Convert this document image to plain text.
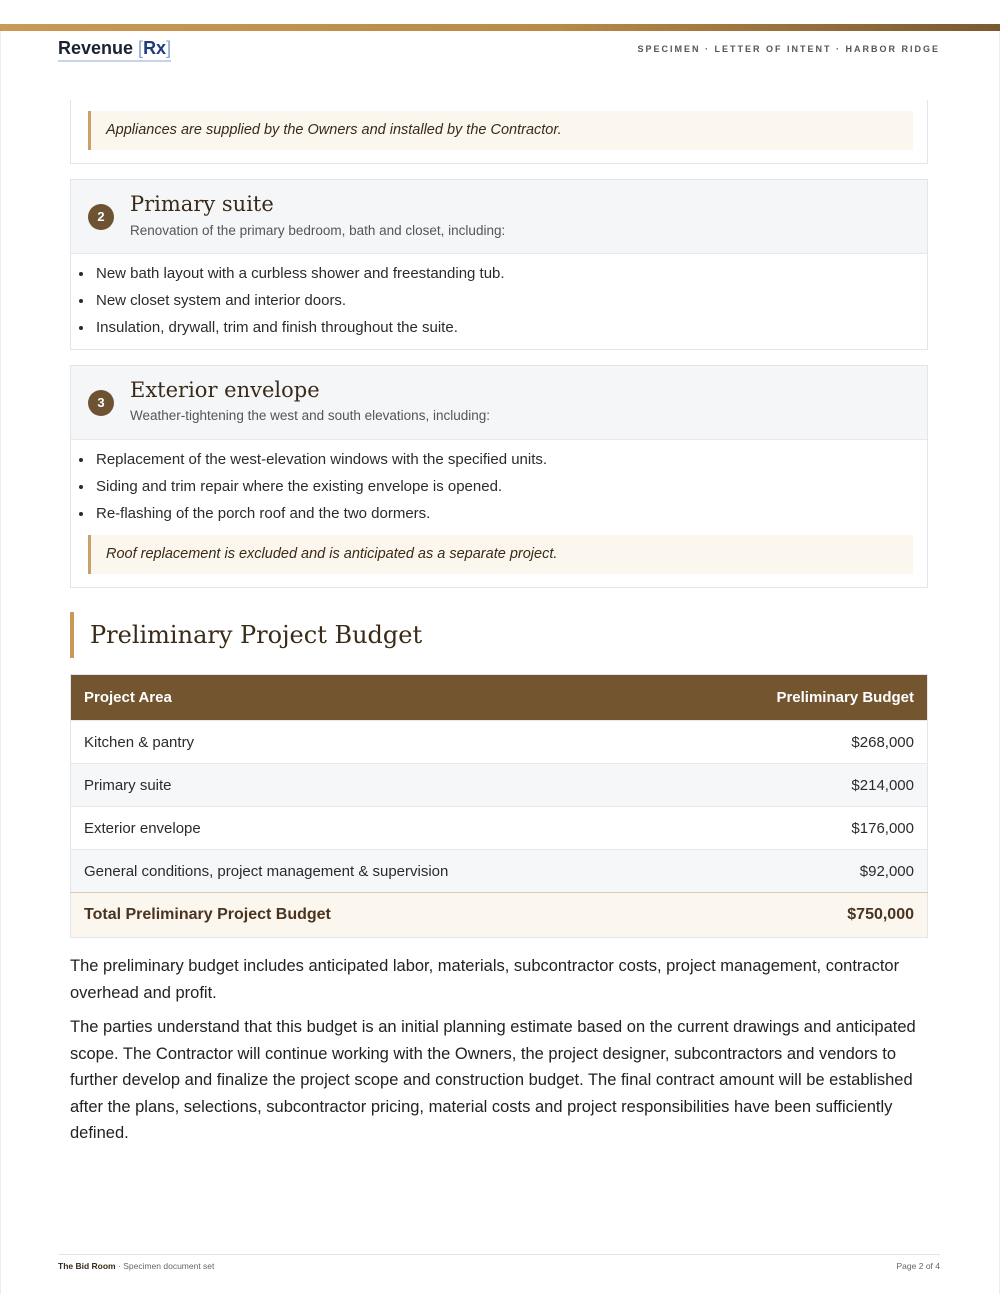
Revenue [Rx]	SPECIMEN · LETTER OF INTENT · HARBOR RIDGE
Appliances are supplied by the Owners and installed by the Contractor.
2
Primary suite
Renovation of the primary bedroom, bath and closet, including:
New bath layout with a curbless shower and freestanding tub.
New closet system and interior doors.
Insulation, drywall, trim and finish throughout the suite.
3
Exterior envelope
Weather-tightening the west and south elevations, including:
Replacement of the west-elevation windows with the specified units.
Siding and trim repair where the existing envelope is opened.
Re-flashing of the porch roof and the two dormers.
Roof replacement is excluded and is anticipated as a separate project.
Preliminary Project Budget
Project Area	Preliminary Budget
Kitchen & pantry	$268,000
Primary suite	$214,000
Exterior envelope	$176,000
General conditions, project management & supervision	$92,000
Total Preliminary Project Budget	$750,000

The preliminary budget includes anticipated labor, materials, subcontractor costs, project management, contractor overhead and profit.

The parties understand that this budget is an initial planning estimate based on the current drawings and anticipated scope. The Contractor will continue working with the Owners, the project designer, subcontractors and vendors to further develop and finalize the project scope and construction budget. The final contract amount will be established after the plans, selections, subcontractor pricing, material costs and project responsibilities have been sufficiently defined.

The Bid Room · Specimen document set	Page 2 of 4
